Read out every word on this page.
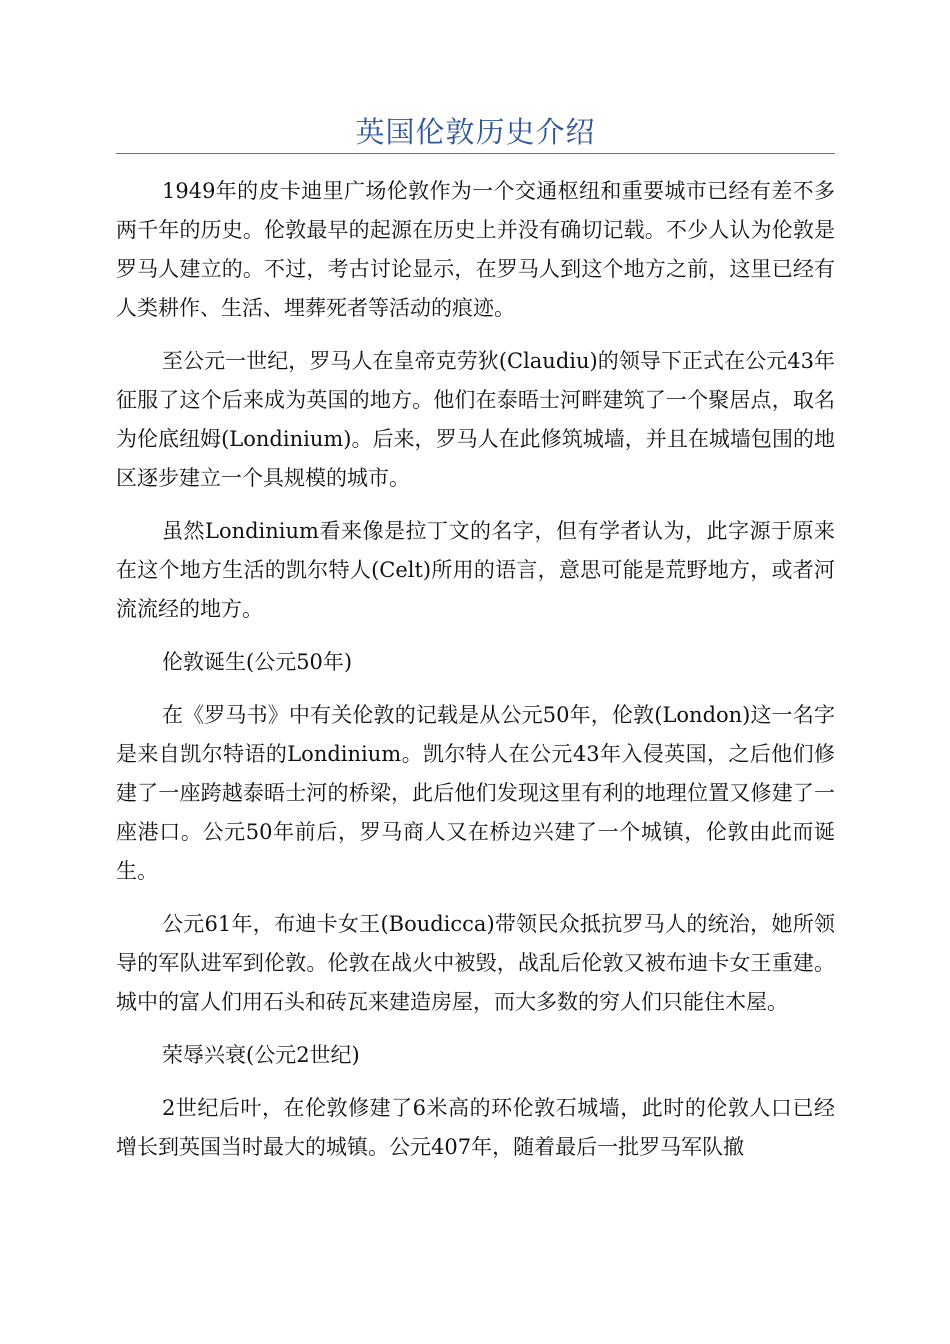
英国伦敦历史介绍

1949年的皮卡迪里广场伦敦作为一个交通枢纽和重要城市已经有差不多两千年的历史。伦敦最早的起源在历史上并没有确切记载。不少人认为伦敦是罗马人建立的。不过，考古讨论显示，在罗马人到这个地方之前，这里已经有人类耕作、生活、埋葬死者等活动的痕迹。

至公元一世纪，罗马人在皇帝克劳狄(Claudiu)的领导下正式在公元43年征服了这个后来成为英国的地方。他们在泰晤士河畔建筑了一个聚居点，取名为伦底纽姆(Londinium)。后来，罗马人在此修筑城墙，并且在城墙包围的地区逐步建立一个具规模的城市。

虽然Londinium看来像是拉丁文的名字，但有学者认为，此字源于原来在这个地方生活的凯尔特人(Celt)所用的语言，意思可能是荒野地方，或者河流流经的地方。

伦敦诞生(公元50年)

在《罗马书》中有关伦敦的记载是从公元50年，伦敦(London)这一名字是来自凯尔特语的Londinium。凯尔特人在公元43年入侵英国，之后他们修建了一座跨越泰晤士河的桥梁，此后他们发现这里有利的地理位置又修建了一座港口。公元50年前后，罗马商人又在桥边兴建了一个城镇，伦敦由此而诞生。

公元61年，布迪卡女王(Boudicca)带领民众抵抗罗马人的统治，她所领导的军队进军到伦敦。伦敦在战火中被毁，战乱后伦敦又被布迪卡女王重建。城中的富人们用石头和砖瓦来建造房屋，而大多数的穷人们只能住木屋。

荣辱兴衰(公元2世纪)

2世纪后叶，在伦敦修建了6米高的环伦敦石城墙，此时的伦敦人口已经增长到英国当时最大的城镇。公元407年，随着最后一批罗马军队撤
